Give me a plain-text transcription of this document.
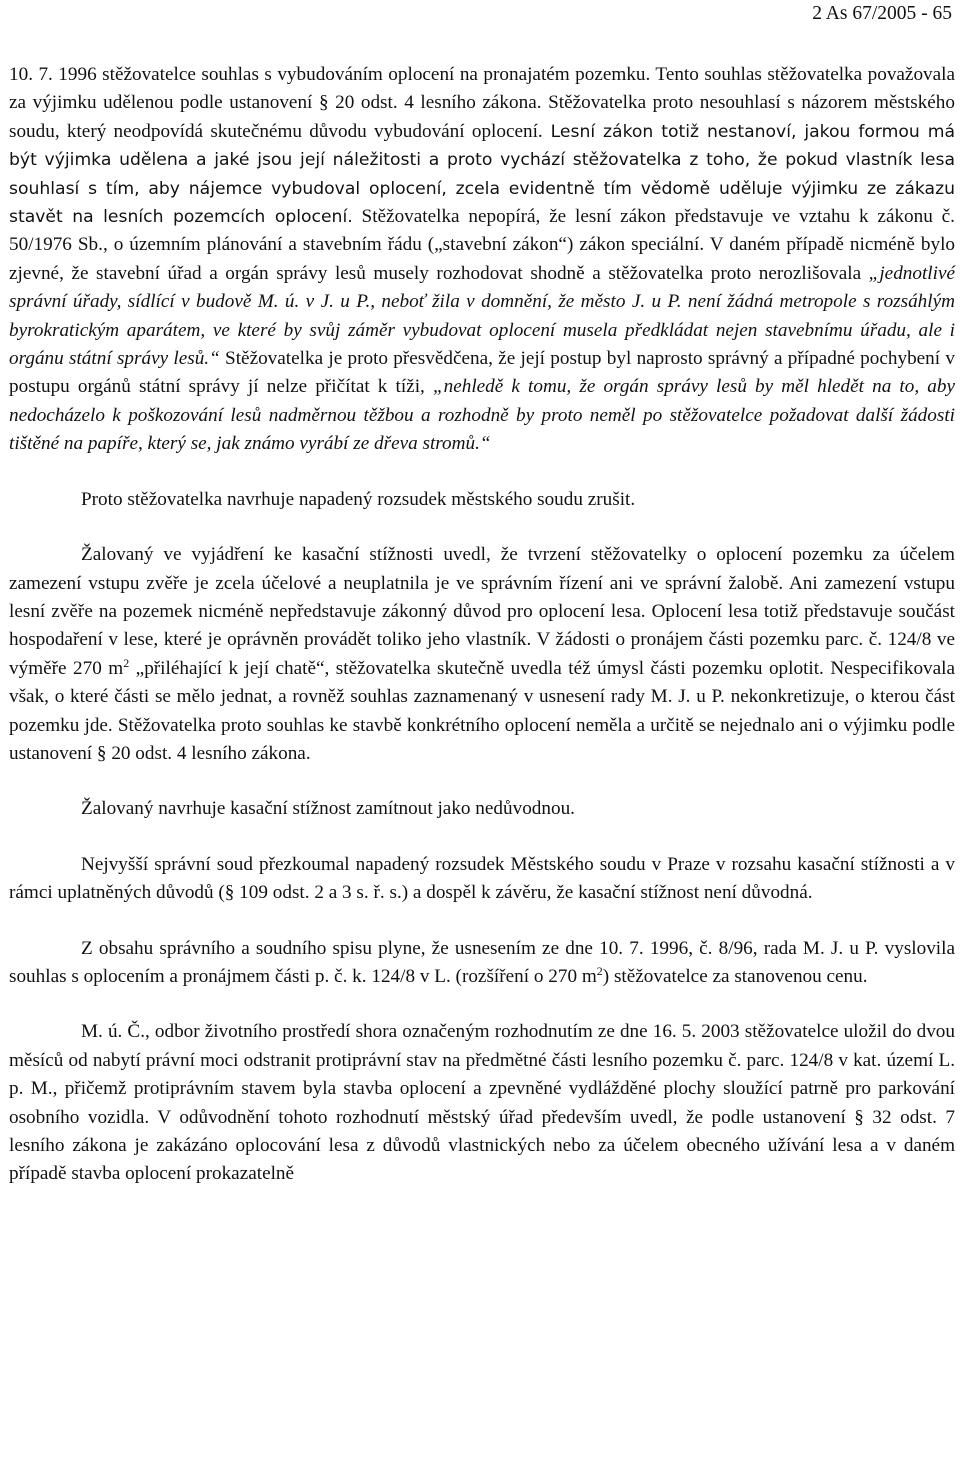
2 As 67/2005 - 65

10. 7. 1996 stěžovatelce souhlas s vybudováním oplocení na pronajatém pozemku. Tento souhlas stěžovatelka považovala za výjimku udělenou podle ustanovení § 20 odst. 4 lesního zákona. Stěžovatelka proto nesouhlasí s názorem městského soudu, který neodpovídá skutečnému důvodu vybudování oplocení. Lesní zákon totiž nestanoví, jakou formou má být výjimka udělena a jaké jsou její náležitosti a proto vychází stěžovatelka z toho, že pokud vlastník lesa souhlasí s tím, aby nájemce vybudoval oplocení, zcela evidentně tím vědomě uděluje výjimku ze zákazu stavět na lesních pozemcích oplocení. Stěžovatelka nepopírá, že lesní zákon představuje ve vztahu k zákonu č. 50/1976 Sb., o územním plánování a stavebním řádu („stavební zákon“) zákon speciální. V daném případě nicméně bylo zjevné, že stavební úřad a orgán správy lesů musely rozhodovat shodně a stěžovatelka proto nerozlišovala „jednotlivé správní úřady, sídlící v budově M. ú. v J. u P., neboť žila v domnění, že město J. u P. není žádná metropole s rozsáhlým byrokratickým aparátem, ve které by svůj záměr vybudovat oplocení musela předkládat nejen stavebnímu úřadu, ale i orgánu státní správy lesů.“ Stěžovatelka je proto přesvědčena, že její postup byl naprosto správný a případné pochybení v postupu orgánů státní správy jí nelze přičítat k tíži, „nehledě k tomu, že orgán správy lesů by měl hledět na to, aby nedocházelo k poškozování lesů nadměrnou těžbou a rozhodně by proto neměl po stěžovatelce požadovat další žádosti tištěné na papíře, který se, jak známo vyrábí ze dřeva stromů.“

Proto stěžovatelka navrhuje napadený rozsudek městského soudu zrušit.

Žalovaný ve vyjádření ke kasační stížnosti uvedl, že tvrzení stěžovatelky o oplocení pozemku za účelem zamezení vstupu zvěře je zcela účelové a neuplatnila je ve správním řízení ani ve správní žalobě. Ani zamezení vstupu lesní zvěře na pozemek nicméně nepředstavuje zákonný důvod pro oplocení lesa. Oplocení lesa totiž představuje součást hospodaření v lese, které je oprávněn provádět toliko jeho vlastník. V žádosti o pronájem části pozemku parc. č. 124/8 ve výměře 270 $m^2$ „přiléhající k její chatě“, stěžovatelka skutečně uvedla též úmysl části pozemku oplotit. Nespecifikovala však, o které části se mělo jednat, a rovněž souhlas zaznamenaný v usnesení rady M. J. u P. nekonkretizuje, o kterou část pozemku jde. Stěžovatelka proto souhlas ke stavbě konkrétního oplocení neměla a určitě se nejednalo ani o výjimku podle ustanovení § 20 odst. 4 lesního zákona.

Žalovaný navrhuje kasační stížnost zamítnout jako nedůvodnou.

Nejvyšší správní soud přezkoumal napadený rozsudek Městského soudu v Praze v rozsahu kasační stížnosti a v rámci uplatněných důvodů (§ 109 odst. 2 a 3 s. ř. s.) a dospěl k závěru, že kasační stížnost není důvodná.

Z obsahu správního a soudního spisu plyne, že usnesením ze dne 10. 7. 1996, č. 8/96, rada M. J. u P. vyslovila souhlas s oplocením a pronájmem části p. č. k. 124/8 v L. (rozšíření o 270 $m^2$) stěžovatelce za stanovenou cenu.

M. ú. Č., odbor životního prostředí shora označeným rozhodnutím ze dne 16. 5. 2003 stěžovatelce uložil do dvou měsíců od nabytí právní moci odstranit protiprávní stav na předmětné části lesního pozemku č. parc. 124/8 v kat. území L. p. M., přičemž protiprávním stavem byla stavba oplocení a zpevněné vydlážděné plochy sloužící patrně pro parkování osobního vozidla. V odůvodnění tohoto rozhodnutí městský úřad především uvedl, že podle ustanovení § 32 odst. 7 lesního zákona je zakázáno oplocování lesa z důvodů vlastnických nebo za účelem obecného užívání lesa a v daném případě stavba oplocení prokazatelně
